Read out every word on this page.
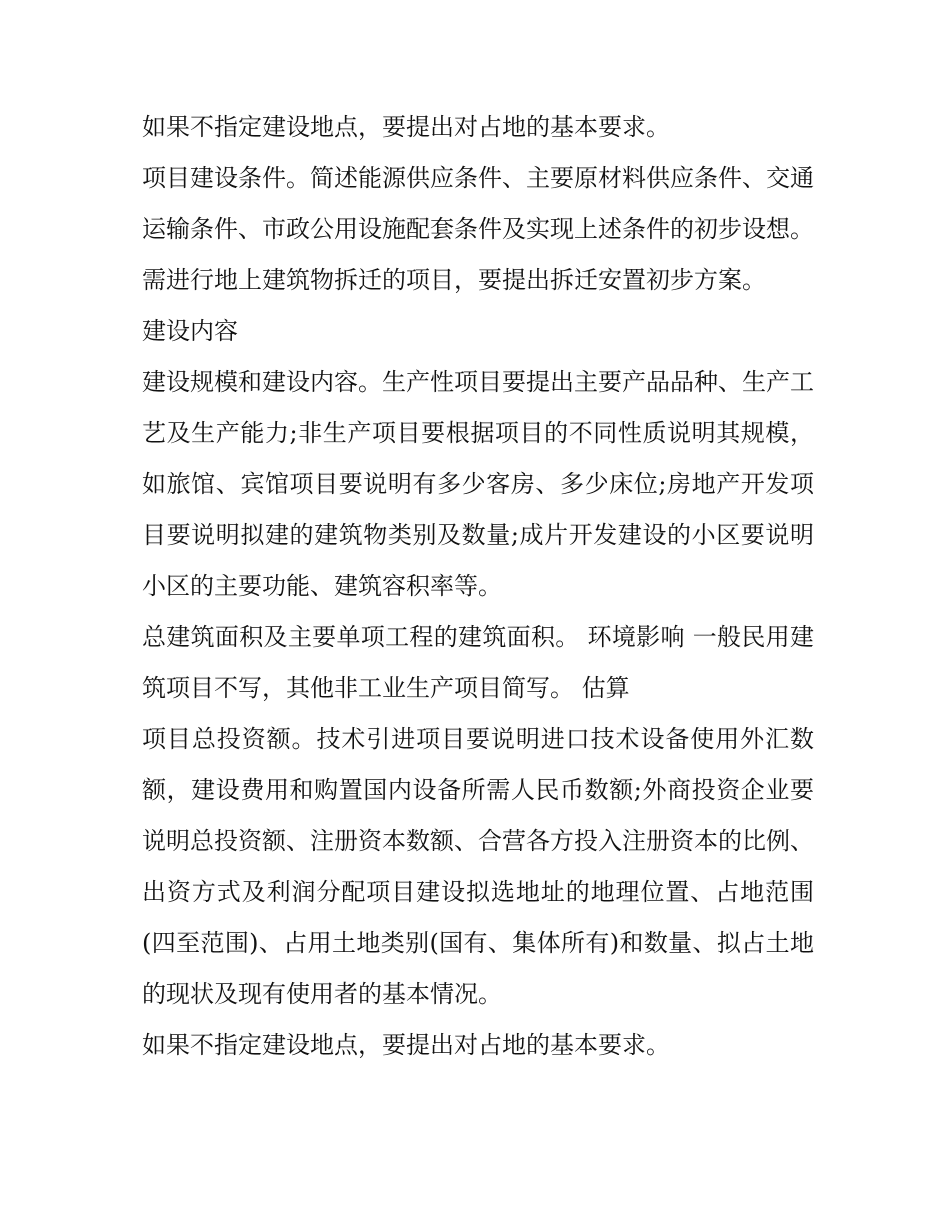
如果不指定建设地点，要提出对占地的基本要求。

项目建设条件。简述能源供应条件、主要原材料供应条件、交通运输条件、市政公用设施配套条件及实现上述条件的初步设想。需进行地上建筑物拆迁的项目，要提出拆迁安置初步方案。

建设内容

建设规模和建设内容。生产性项目要提出主要产品品种、生产工艺及生产能力;非生产项目要根据项目的不同性质说明其规模，如旅馆、宾馆项目要说明有多少客房、多少床位;房地产开发项目要说明拟建的建筑物类别及数量;成片开发建设的小区要说明小区的主要功能、建筑容积率等。

总建筑面积及主要单项工程的建筑面积。 环境影响 一般民用建筑项目不写，其他非工业生产项目简写。 估算

项目总投资额。技术引进项目要说明进口技术设备使用外汇数额，建设费用和购置国内设备所需人民币数额;外商投资企业要说明总投资额、注册资本数额、合营各方投入注册资本的比例、出资方式及利润分配项目建设拟选地址的地理位置、占地范围(四至范围)、占用土地类别(国有、集体所有)和数量、拟占土地的现状及现有使用者的基本情况。

如果不指定建设地点，要提出对占地的基本要求。
